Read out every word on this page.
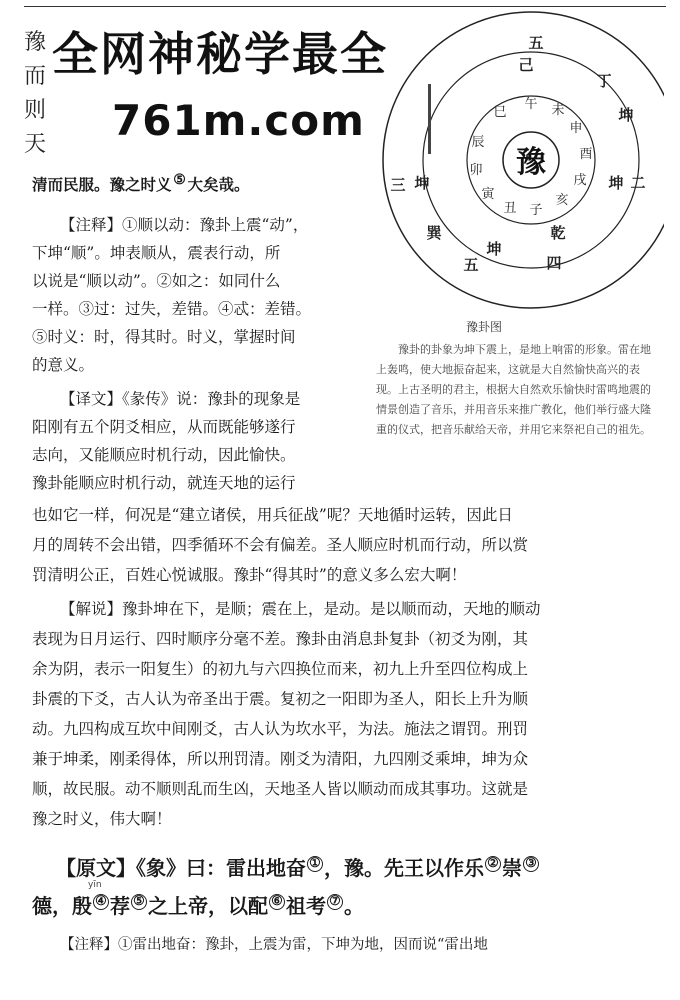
豫
而
则
天
豫
五
坤
四
乾
二
坤
三
巽
坤
五
己
丁
坤
午 未
申
酉
戌
亥
子
丑
寅
卯
辰
巳
豫卦图
豫卦的卦象为坤下震上，是地上响雷的形象。雷在地上轰鸣，使大地振奋起来，这就是大自然愉快高兴的表现。上古圣明的君主，根据大自然欢乐愉快时雷鸣地震的情景创造了音乐，并用音乐来推广教化，他们举行盛大隆重的仪式，把音乐献给天帝，并用它来祭祀自己的祖先。
全网神秘学最全
761m.com
清而民服。豫之时义 ⑤ 大矣哉。
【注释】①顺以动：豫卦上震“动”，
下坤“顺”。坤表顺从，震表行动，所
以说是“顺以动”。②如之：如同什么
一样。③过：过失，差错。④忒：差错。
⑤时义：时，得其时。时义，掌握时间
的意义。
【译文】《彖传》说：豫卦的现象是
阳刚有五个阴爻相应，从而既能够遂行
志向，又能顺应时机行动，因此愉快。
豫卦能顺应时机行动，就连天地的运行
也如它一样，何况是“建立诸侯，用兵征战”呢？天地循时运转，因此日
月的周转不会出错，四季循环不会有偏差。圣人顺应时机而行动，所以赏
罚清明公正，百姓心悦诚服。豫卦“得其时”的意义多么宏大啊！
【解说】豫卦坤在下，是顺；震在上，是动。是以顺而动，天地的顺动
表现为日月运行、四时顺序分毫不差。豫卦由消息卦复卦（初爻为刚，其
余为阴，表示一阳复生）的初九与六四换位而来，初九上升至四位构成上
卦震的下爻，古人认为帝圣出于震。复初之一阳即为圣人，阳长上升为顺
动。九四构成互坎中间刚爻，古人认为坎水平，为法。施法之谓罚。刑罚
兼于坤柔，刚柔得体，所以刑罚清。刚爻为清阳，九四刚爻乘坤，坤为众
顺，故民服。动不顺则乱而生凶，天地圣人皆以顺动而成其事功。这就是
豫之时义，伟大啊！
【原文】《象》曰：雷出地奋 ① ，豫。先王以作乐 ② 崇 ③
yīn
德，殷 ④ 荐 ⑤ 之上帝，以配 ⑥ 祖考 ⑦ 。
【注释】①雷出地奋：豫卦，上震为雷，下坤为地，因而说“雷出地
